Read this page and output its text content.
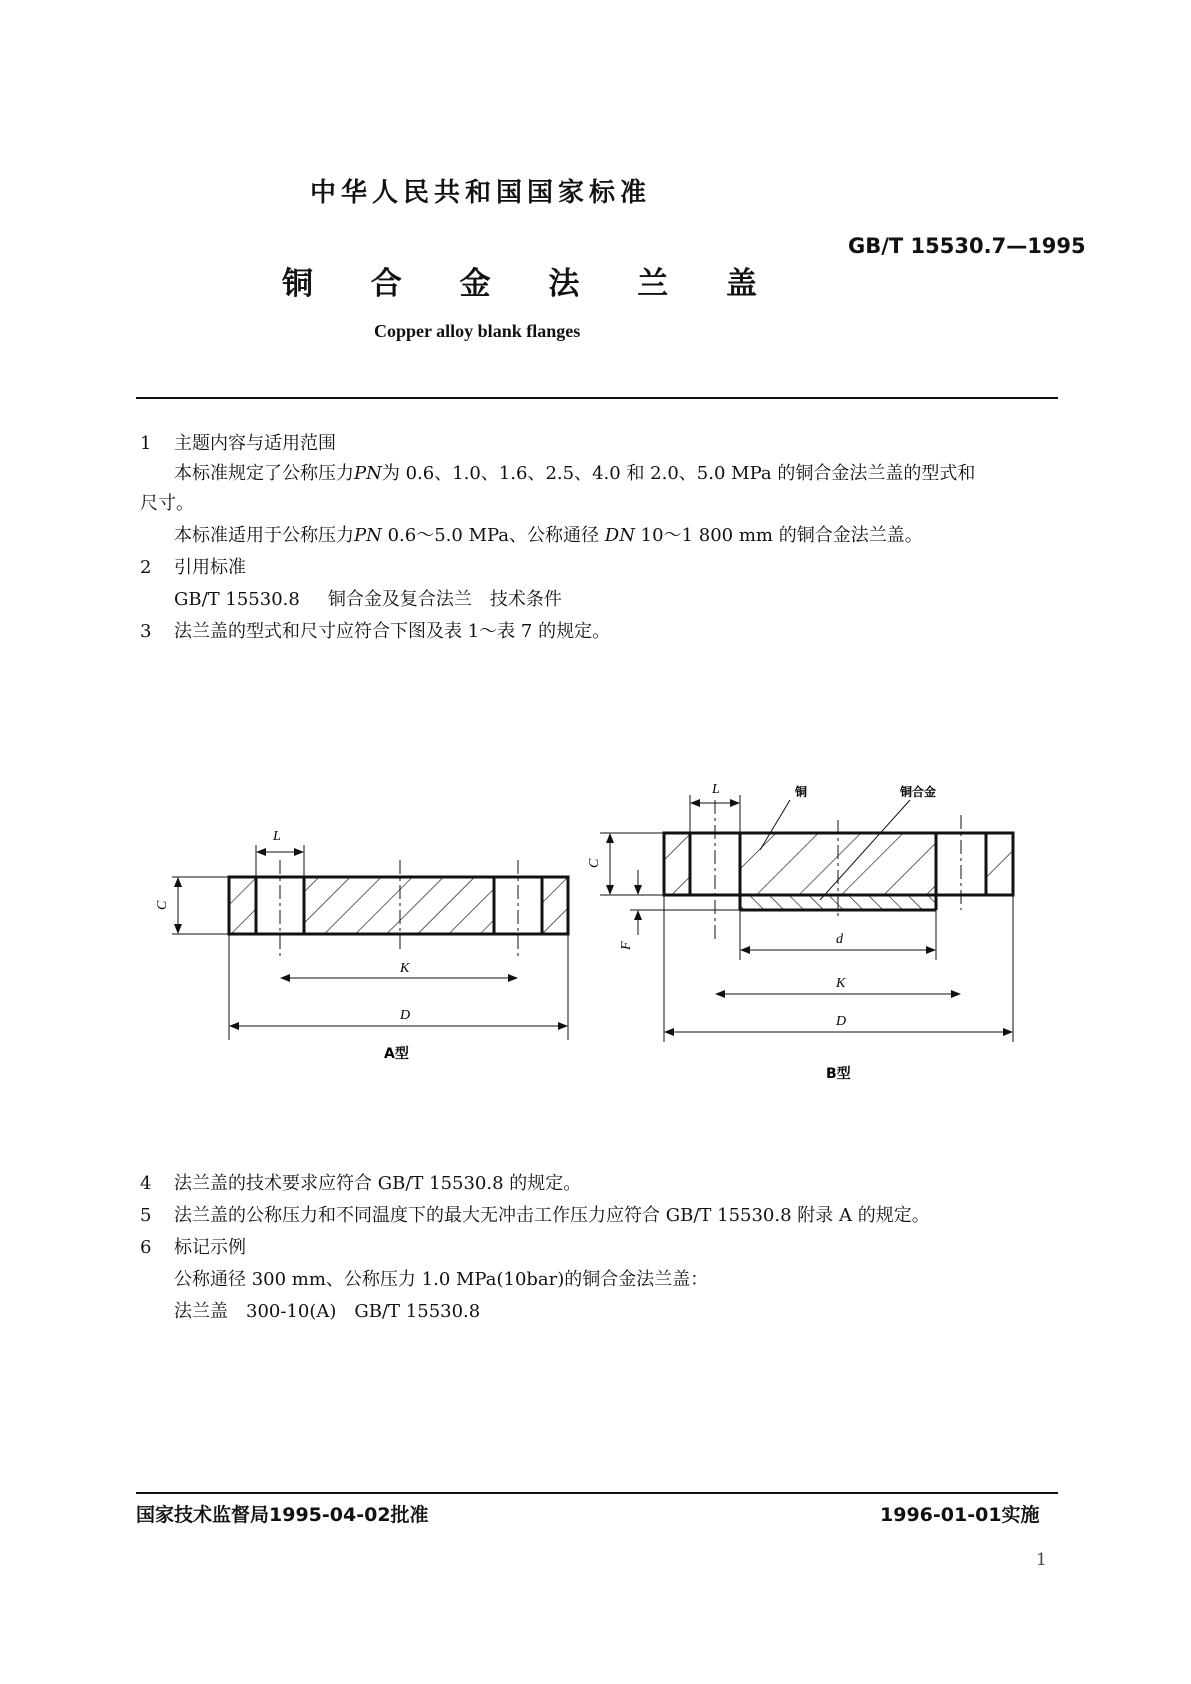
中华人民共和国国家标准
GB/T 15530.7—1995
铜 合 金 法 兰 盖
Copper alloy blank flanges
1 主题内容与适用范围
本标准规定了公称压力PN为 0.6、1.0、1.6、2.5、4.0 和 2.0、5.0 MPa 的铜合金法兰盖的型式和
尺寸。
本标准适用于公称压力PN 0.6～5.0 MPa、公称通径 DN 10～1 800 mm 的铜合金法兰盖。
2 引用标准
GB/T 15530.8 铜合金及复合法兰　技术条件
3 法兰盖的型式和尺寸应符合下图及表 1～表 7 的规定。
L
C
K
D
A型
L	铜	铜合金
C
F	d
K
D
B型
4 法兰盖的技术要求应符合 GB/T 15530.8 的规定。
5 法兰盖的公称压力和不同温度下的最大无冲击工作压力应符合 GB/T 15530.8 附录 A 的规定。
6 标记示例
公称通径 300 mm、公称压力 1.0 MPa(10bar)的铜合金法兰盖：
法兰盖　300-10(A)　GB/T 15530.8
国家技术监督局1995-04-02批准	1996-01-01实施
1
